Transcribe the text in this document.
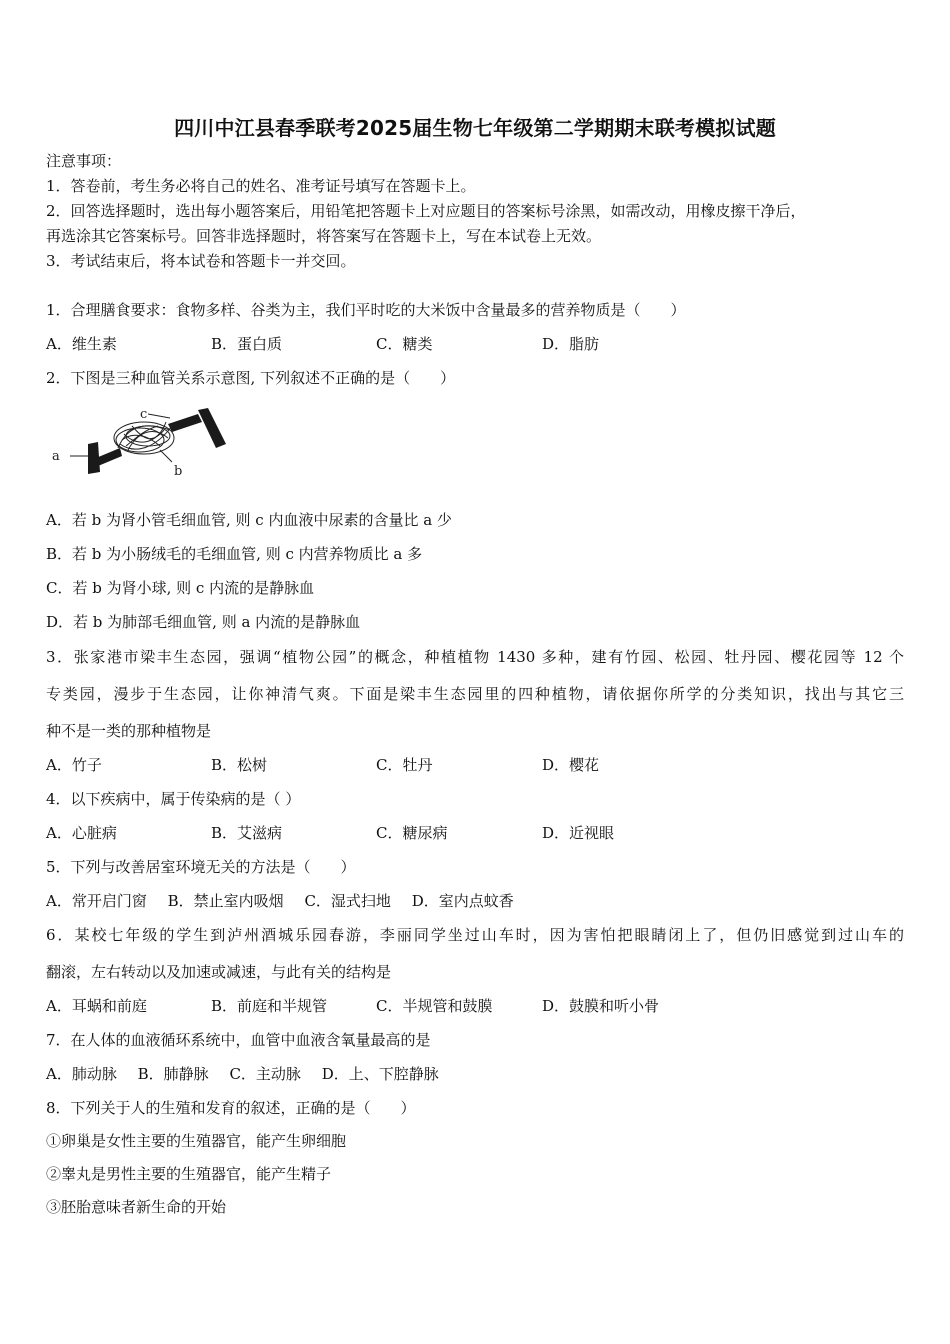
四川中江县春季联考2025届生物七年级第二学期期末联考模拟试题
注意事项：
1．答卷前，考生务必将自己的姓名、准考证号填写在答题卡上。
2．回答选择题时，选出每小题答案后，用铅笔把答题卡上对应题目的答案标号涂黑，如需改动，用橡皮擦干净后，
再选涂其它答案标号。回答非选择题时，将答案写在答题卡上，写在本试卷上无效。
3．考试结束后，将本试卷和答题卡一并交回。
1．合理膳食要求：食物多样、谷类为主，我们平时吃的大米饭中含量最多的营养物质是（　　）
A．维生素	B．蛋白质	C．糖类	D．脂肪
2．下图是三种血管关系示意图, 下列叙述不正确的是（　　）
a
b
c
A．若 b 为肾小管毛细血管, 则 c 内血液中尿素的含量比 a 少
B．若 b 为小肠绒毛的毛细血管, 则 c 内营养物质比 a 多
C．若 b 为肾小球, 则 c 内流的是静脉血
D．若 b 为肺部毛细血管, 则 a 内流的是静脉血
3．张家港市梁丰生态园，强调“植物公园”的概念，种植植物 1430 多种，建有竹园、松园、牡丹园、樱花园等 12 个
专类园，漫步于生态园，让你神清气爽。下面是梁丰生态园里的四种植物，请依据你所学的分类知识，找出与其它三
种不是一类的那种植物是
A．竹子	B．松树	C．牡丹	D．樱花
4．以下疾病中，属于传染病的是（ ）
A．心脏病	B．艾滋病	C．糖尿病	D．近视眼
5．下列与改善居室环境无关的方法是（　　）
A．常开启门窗 B．禁止室内吸烟 C．湿式扫地 D．室内点蚊香
6．某校七年级的学生到泸州酒城乐园春游，李丽同学坐过山车时，因为害怕把眼睛闭上了，但仍旧感觉到过山车的
翻滚，左右转动以及加速或减速，与此有关的结构是
A．耳蜗和前庭	B．前庭和半规管	C．半规管和鼓膜	D．鼓膜和听小骨
7．在人体的血液循环系统中，血管中血液含氧量最高的是
A．肺动脉 B．肺静脉 C．主动脉 D．上、下腔静脉
8．下列关于人的生殖和发育的叙述，正确的是（　　）
①卵巢是女性主要的生殖器官，能产生卵细胞
②睾丸是男性主要的生殖器官，能产生精子
③胚胎意味者新生命的开始
